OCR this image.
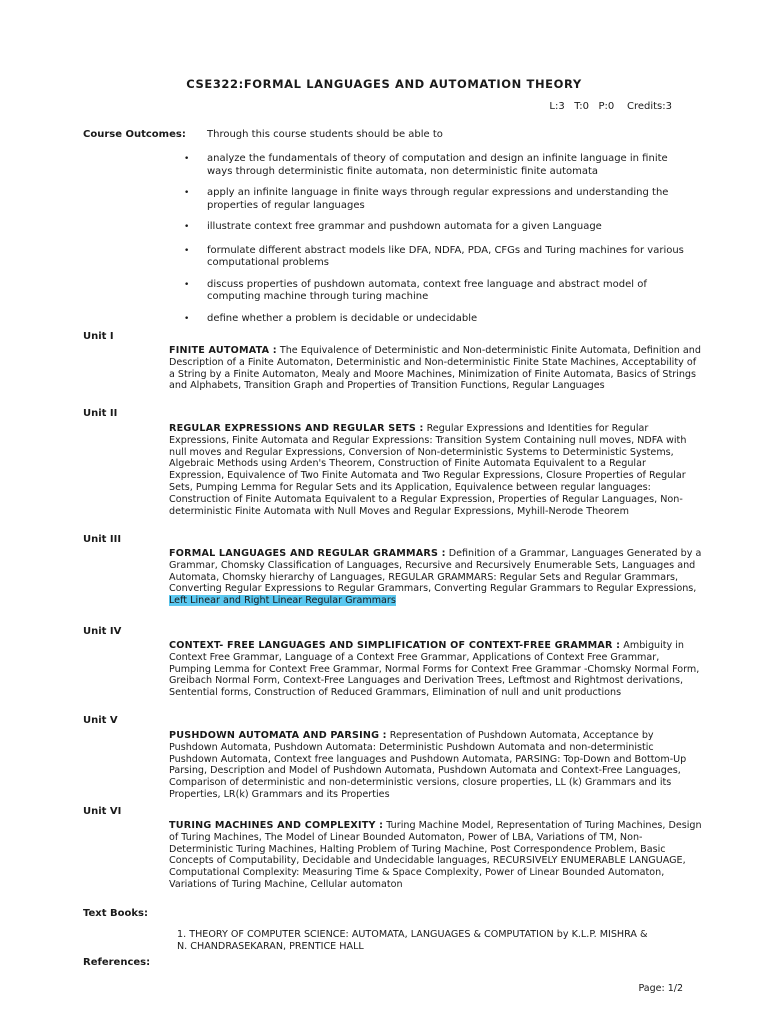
CSE322:FORMAL LANGUAGES AND AUTOMATION THEORY
L:3   T:0   P:0    Credits:3
Course Outcomes: Through this course students should be able to
• analyze the fundamentals of theory of computation and design an infinite language in finite ways through deterministic finite automata, non deterministic finite automata
• apply an infinite language in finite ways through regular expressions and understanding the properties of regular languages
• illustrate context free grammar and pushdown automata for a given Language
• formulate different abstract models like DFA, NDFA, PDA, CFGs and Turing machines for various computational problems
• discuss properties of pushdown automata, context free language and abstract model of computing machine through turing machine
• define whether a problem is decidable or undecidable
Unit I
FINITE AUTOMATA : The Equivalence of Deterministic and Non-deterministic Finite Automata, Definition and Description of a Finite Automaton, Deterministic and Non-deterministic Finite State Machines, Acceptability of a String by a Finite Automaton, Mealy and Moore Machines, Minimization of Finite Automata, Basics of Strings and Alphabets, Transition Graph and Properties of Transition Functions, Regular Languages
Unit II
REGULAR EXPRESSIONS AND REGULAR SETS : Regular Expressions and Identities for Regular Expressions, Finite Automata and Regular Expressions: Transition System Containing null moves, NDFA with null moves and Regular Expressions, Conversion of Non-deterministic Systems to Deterministic Systems, Algebraic Methods using Arden's Theorem, Construction of Finite Automata Equivalent to a Regular Expression, Equivalence of Two Finite Automata and Two Regular Expressions, Closure Properties of Regular Sets, Pumping Lemma for Regular Sets and its Application, Equivalence between regular languages: Construction of Finite Automata Equivalent to a Regular Expression, Properties of Regular Languages, Non-deterministic Finite Automata with Null Moves and Regular Expressions, Myhill-Nerode Theorem
Unit III
FORMAL LANGUAGES AND REGULAR GRAMMARS : Definition of a Grammar, Languages Generated by a Grammar, Chomsky Classification of Languages, Recursive and Recursively Enumerable Sets, Languages and Automata, Chomsky hierarchy of Languages, REGULAR GRAMMARS: Regular Sets and Regular Grammars, Converting Regular Expressions to Regular Grammars, Converting Regular Grammars to Regular Expressions, Left Linear and Right Linear Regular Grammars
Unit IV
CONTEXT- FREE LANGUAGES AND SIMPLIFICATION OF CONTEXT-FREE GRAMMAR : Ambiguity in Context Free Grammar, Language of a Context Free Grammar, Applications of Context Free Grammar, Pumping Lemma for Context Free Grammar, Normal Forms for Context Free Grammar -Chomsky Normal Form, Greibach Normal Form, Context-Free Languages and Derivation Trees, Leftmost and Rightmost derivations, Sentential forms, Construction of Reduced Grammars, Elimination of null and unit productions
Unit V
PUSHDOWN AUTOMATA AND PARSING : Representation of Pushdown Automata, Acceptance by Pushdown Automata, Pushdown Automata: Deterministic Pushdown Automata and non-deterministic Pushdown Automata, Context free languages and Pushdown Automata, PARSING: Top-Down and Bottom-Up Parsing, Description and Model of Pushdown Automata, Pushdown Automata and Context-Free Languages, Comparison of deterministic and non-deterministic versions, closure properties, LL (k) Grammars and its Properties, LR(k) Grammars and its Properties
Unit VI
TURING MACHINES AND COMPLEXITY : Turing Machine Model, Representation of Turing Machines, Design of Turing Machines, The Model of Linear Bounded Automaton, Power of LBA, Variations of TM, Non-Deterministic Turing Machines, Halting Problem of Turing Machine, Post Correspondence Problem, Basic Concepts of Computability, Decidable and Undecidable languages, RECURSIVELY ENUMERABLE LANGUAGE, Computational Complexity: Measuring Time & Space Complexity, Power of Linear Bounded Automaton, Variations of Turing Machine, Cellular automaton
Text Books:
1. THEORY OF COMPUTER SCIENCE: AUTOMATA, LANGUAGES & COMPUTATION by K.L.P. MISHRA & N. CHANDRASEKARAN, PRENTICE HALL
References:
Page: 1/2
